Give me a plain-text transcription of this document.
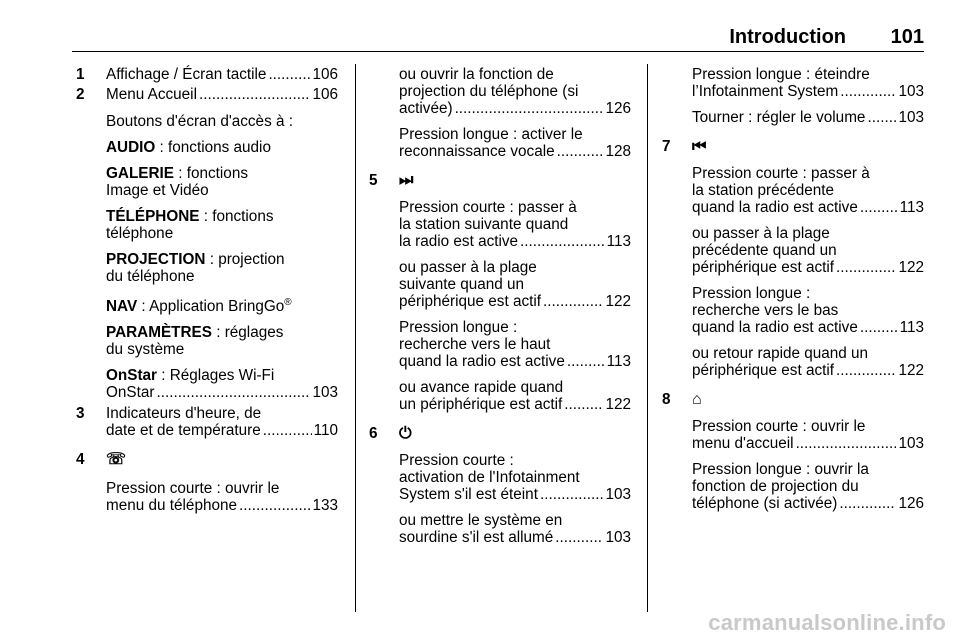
Introduction 101
1 Affichage / Écran tactile .....	106
2 Menu Accueil .....	106
Boutons d'écran d'accès à :
AUDIO : fonctions audio
GALERIE : fonctions
Image et Vidéo
TÉLÉPHONE : fonctions
téléphone
PROJECTION : projection
du téléphone
NAV : Application BringGo®
PARAMÈTRES : réglages
du système
OnStar : Réglages Wi-Fi
OnStar .....	103
3 Indicateurs d'heure, de
date et de température .....	110
4 ☏
Pression courte : ouvrir le
menu du téléphone .....	133
ou ouvrir la fonction de
projection du téléphone (si
activée) .....	126
Pression longue : activer le
reconnaissance vocale .....	128
5 ⏭
Pression courte : passer à
la station suivante quand
la radio est active .....	113
ou passer à la plage
suivante quand un
périphérique est actif .....	122
Pression longue :
recherche vers le haut
quand la radio est active .....	113
ou avance rapide quand
un périphérique est actif .....	122
6 ⏻
Pression courte :
activation de l'Infotainment
System s'il est éteint .....	103
ou mettre le système en
sourdine s'il est allumé .....	103
Pression longue : éteindre
l’Infotainment System .....	103
Tourner : régler le volume ..... 103
7 ⏮
Pression courte : passer à
la station précédente
quand la radio est active .....	113
ou passer à la plage
précédente quand un
périphérique est actif .....	122
Pression longue :
recherche vers le bas
quand la radio est active .....	113
ou retour rapide quand un
périphérique est actif .....	122
8 ⌂
Pression courte : ouvrir le
menu d'accueil .....	103
Pression longue : ouvrir la
fonction de projection du
téléphone (si activée) .....	126
carmanualsonline.info
